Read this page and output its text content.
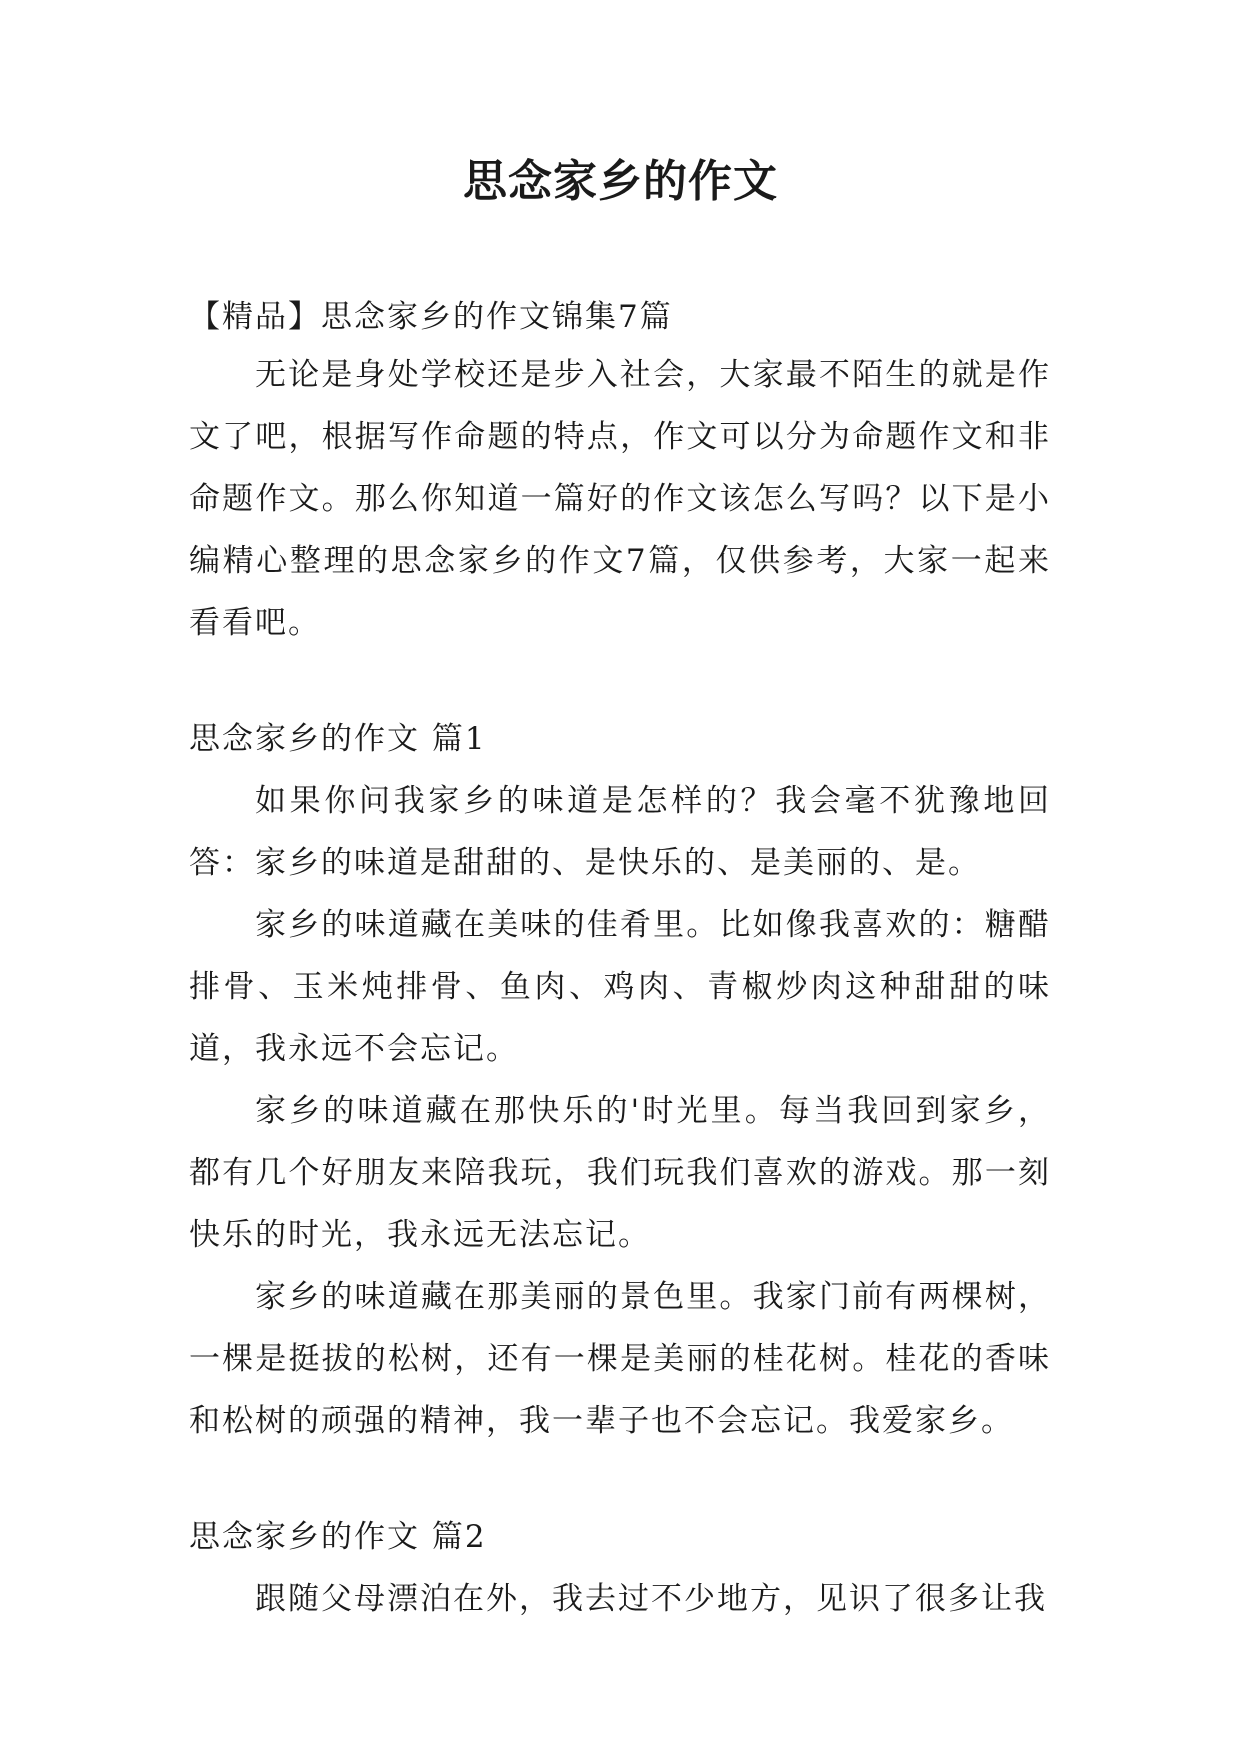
思念家乡的作文

【精品】思念家乡的作文锦集7篇

无论是身处学校还是步入社会，大家最不陌生的就是作文了吧，根据写作命题的特点，作文可以分为命题作文和非命题作文。那么你知道一篇好的作文该怎么写吗？以下是小编精心整理的思念家乡的作文7篇，仅供参考，大家一起来看看吧。

思念家乡的作文 篇1

如果你问我家乡的味道是怎样的？我会毫不犹豫地回答：家乡的味道是甜甜的、是快乐的、是美丽的、是。

家乡的味道藏在美味的佳肴里。比如像我喜欢的：糖醋排骨、玉米炖排骨、鱼肉、鸡肉、青椒炒肉这种甜甜的味道，我永远不会忘记。

家乡的味道藏在那快乐的'时光里。每当我回到家乡，都有几个好朋友来陪我玩，我们玩我们喜欢的游戏。那一刻快乐的时光，我永远无法忘记。

家乡的味道藏在那美丽的景色里。我家门前有两棵树，一棵是挺拔的松树，还有一棵是美丽的桂花树。桂花的香味和松树的顽强的精神，我一辈子也不会忘记。我爱家乡。

思念家乡的作文 篇2

跟随父母漂泊在外，我去过不少地方，见识了很多让我
